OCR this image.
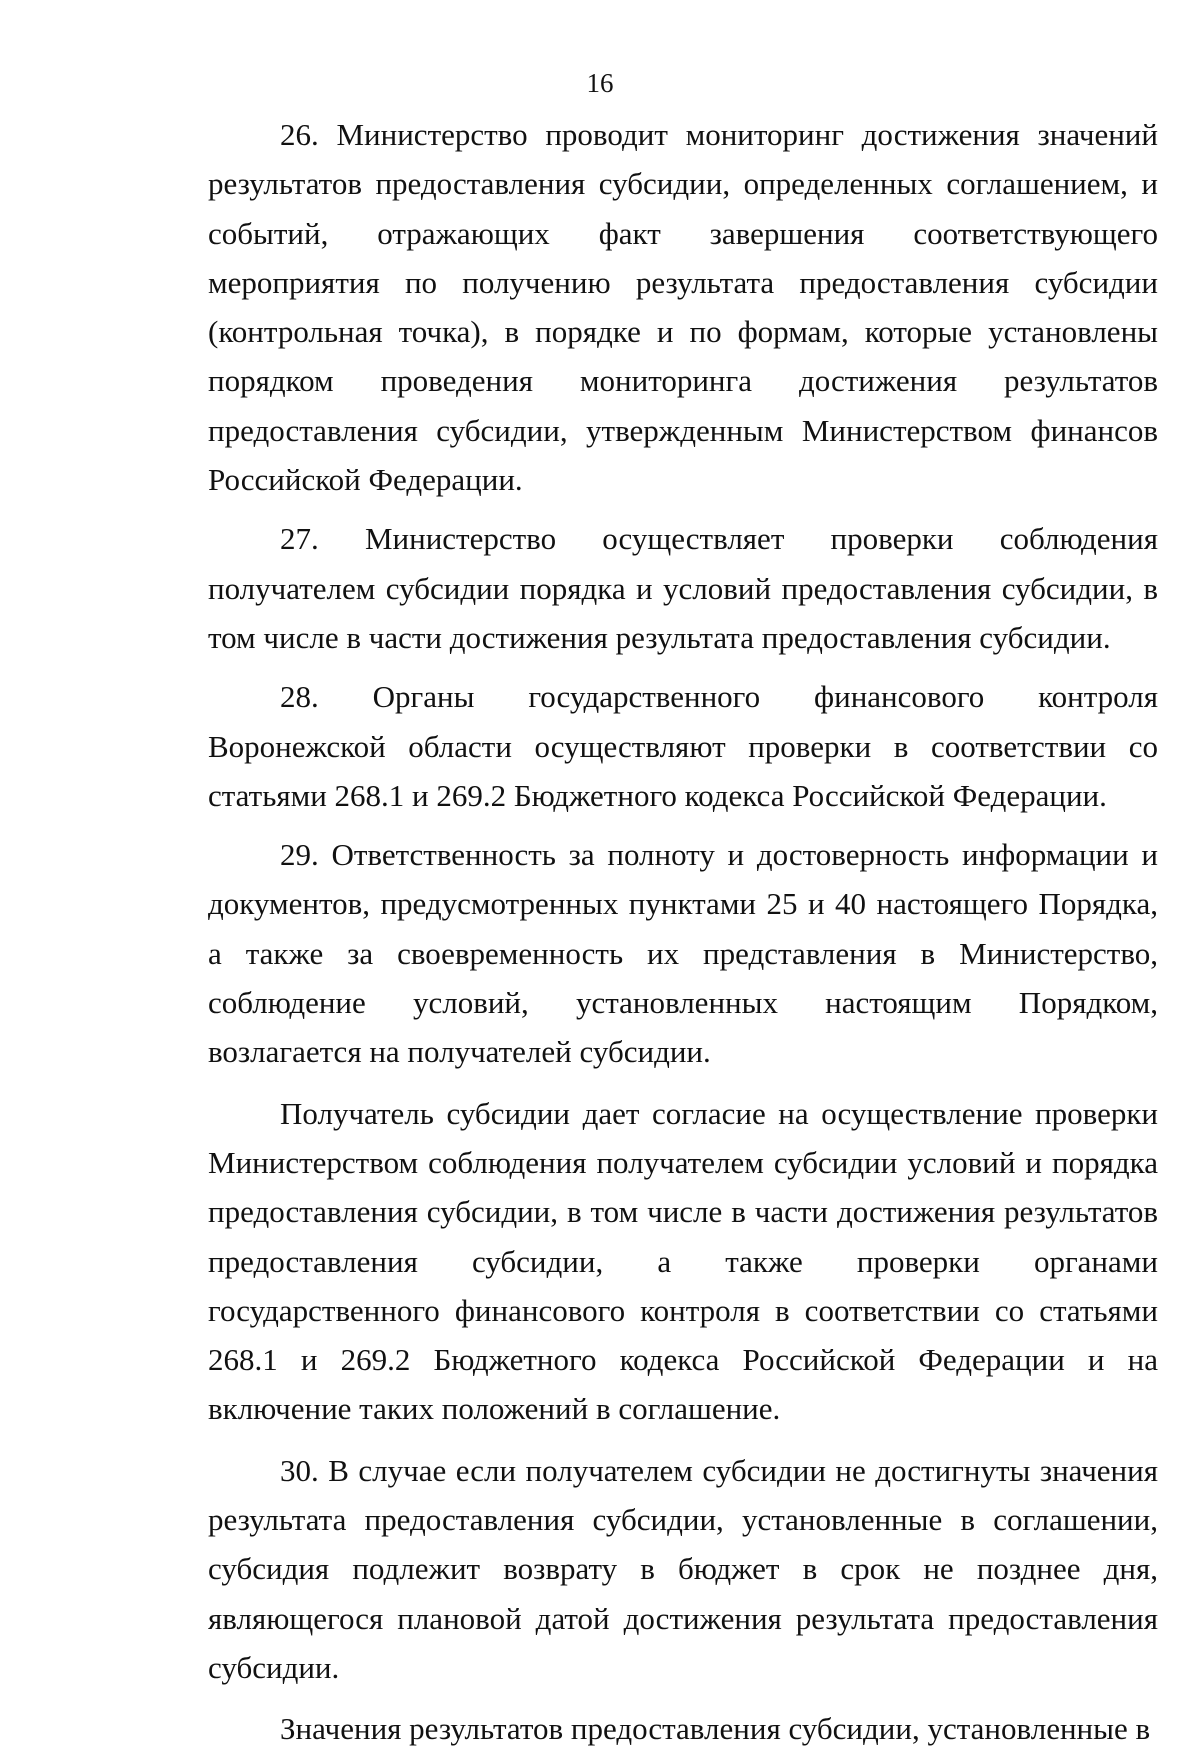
16

26. Министерство проводит мониторинг достижения значений результатов предоставления субсидии, определенных соглашением, и событий, отражающих факт завершения соответствующего мероприятия по получению результата предоставления субсидии (контрольная точка), в порядке и по формам, которые установлены порядком проведения мониторинга достижения результатов предоставления субсидии, утвержденным Министерством финансов Российской Федерации.

27. Министерство осуществляет проверки соблюдения получателем субсидии порядка и условий предоставления субсидии, в том числе в части достижения результата предоставления субсидии.

28. Органы государственного финансового контроля Воронежской области осуществляют проверки в соответствии со статьями 268.1 и 269.2 Бюджетного кодекса Российской Федерации.

29. Ответственность за полноту и достоверность информации и документов, предусмотренных пунктами 25 и 40 настоящего Порядка, а также за своевременность их представления в Министерство, соблюдение условий, установленных настоящим Порядком, возлагается на получателей субсидии.

Получатель субсидии дает согласие на осуществление проверки Министерством соблюдения получателем субсидии условий и порядка предоставления субсидии, в том числе в части достижения результатов предоставления субсидии, а также проверки органами государственного финансового контроля в соответствии со статьями 268.1 и 269.2 Бюджетного кодекса Российской Федерации и на включение таких положений в соглашение.

30. В случае если получателем субсидии не достигнуты значения результата предоставления субсидии, установленные в соглашении, субсидия подлежит возврату в бюджет в срок не позднее дня, являющегося плановой датой достижения результата предоставления субсидии.

Значения результатов предоставления субсидии, установленные в
